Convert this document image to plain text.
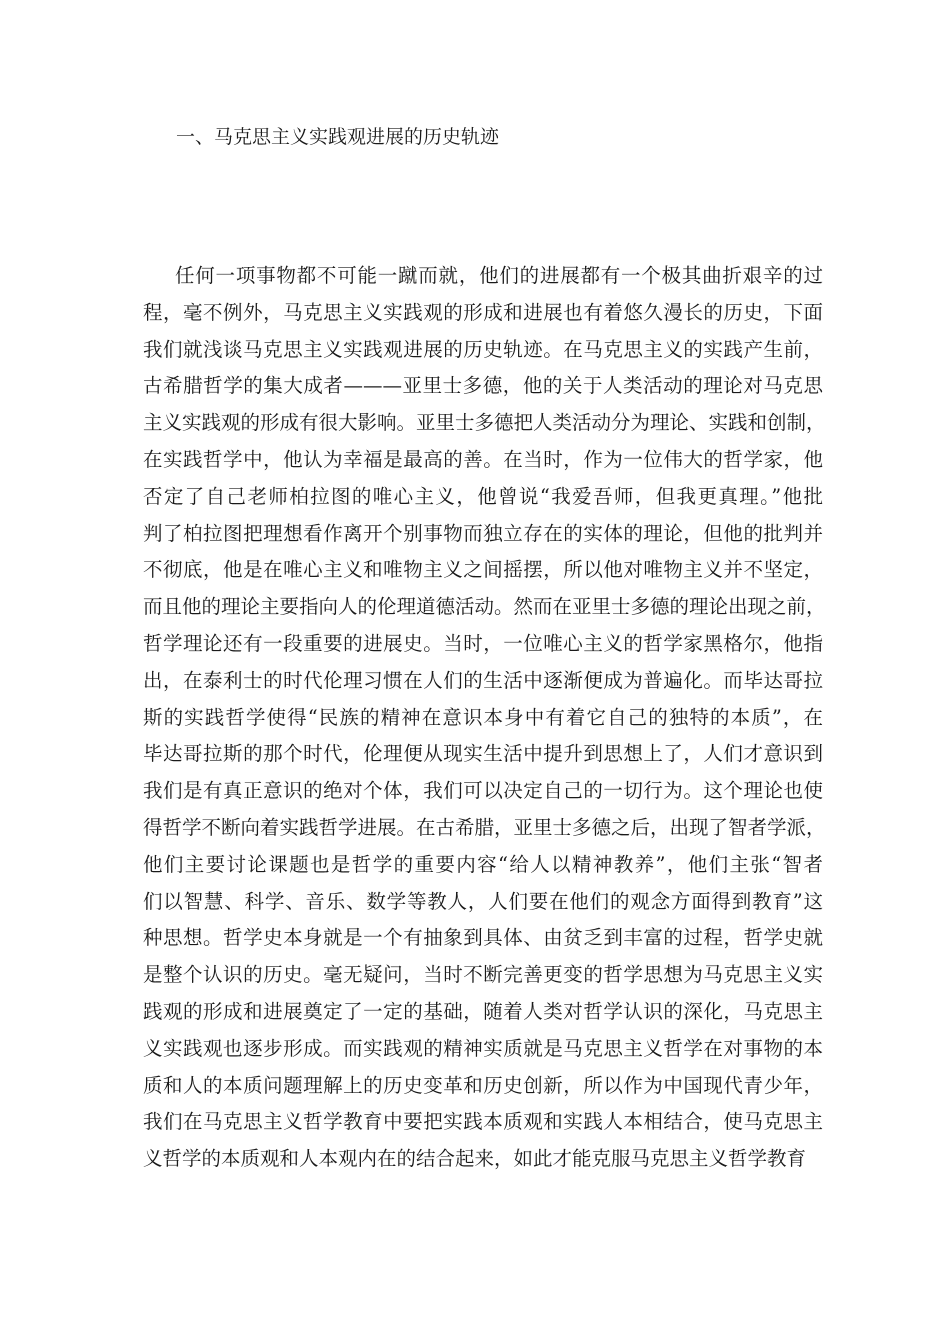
一、马克思主义实践观进展的历史轨迹
任何一项事物都不可能一蹴而就，他们的进展都有一个极其曲折艰辛的过
程，毫不例外，马克思主义实践观的形成和进展也有着悠久漫长的历史，下面
我们就浅谈马克思主义实践观进展的历史轨迹。在马克思主义的实践产生前，
古希腊哲学的集大成者———亚里士多德，他的关于人类活动的理论对马克思
主义实践观的形成有很大影响。亚里士多德把人类活动分为理论、实践和创制，
在实践哲学中，他认为幸福是最高的善。在当时，作为一位伟大的哲学家，他
否定了自己老师柏拉图的唯心主义，他曾说“我爱吾师，但我更真理。”他批
判了柏拉图把理想看作离开个别事物而独立存在的实体的理论，但他的批判并
不彻底，他是在唯心主义和唯物主义之间摇摆，所以他对唯物主义并不坚定，
而且他的理论主要指向人的伦理道德活动。然而在亚里士多德的理论出现之前，
哲学理论还有一段重要的进展史。当时，一位唯心主义的哲学家黑格尔，他指
出，在泰利士的时代伦理习惯在人们的生活中逐渐便成为普遍化。而毕达哥拉
斯的实践哲学使得“民族的精神在意识本身中有着它自己的独特的本质”，在
毕达哥拉斯的那个时代，伦理便从现实生活中提升到思想上了，人们才意识到
我们是有真正意识的绝对个体，我们可以决定自己的一切行为。这个理论也使
得哲学不断向着实践哲学进展。在古希腊，亚里士多德之后，出现了智者学派，
他们主要讨论课题也是哲学的重要内容“给人以精神教养”，他们主张“智者
们以智慧、科学、音乐、数学等教人，人们要在他们的观念方面得到教育”这
种思想。哲学史本身就是一个有抽象到具体、由贫乏到丰富的过程，哲学史就
是整个认识的历史。毫无疑问，当时不断完善更变的哲学思想为马克思主义实
践观的形成和进展奠定了一定的基础，随着人类对哲学认识的深化，马克思主
义实践观也逐步形成。而实践观的精神实质就是马克思主义哲学在对事物的本
质和人的本质问题理解上的历史变革和历史创新，所以作为中国现代青少年，
我们在马克思主义哲学教育中要把实践本质观和实践人本相结合，使马克思主
义哲学的本质观和人本观内在的结合起来，如此才能克服马克思主义哲学教育
